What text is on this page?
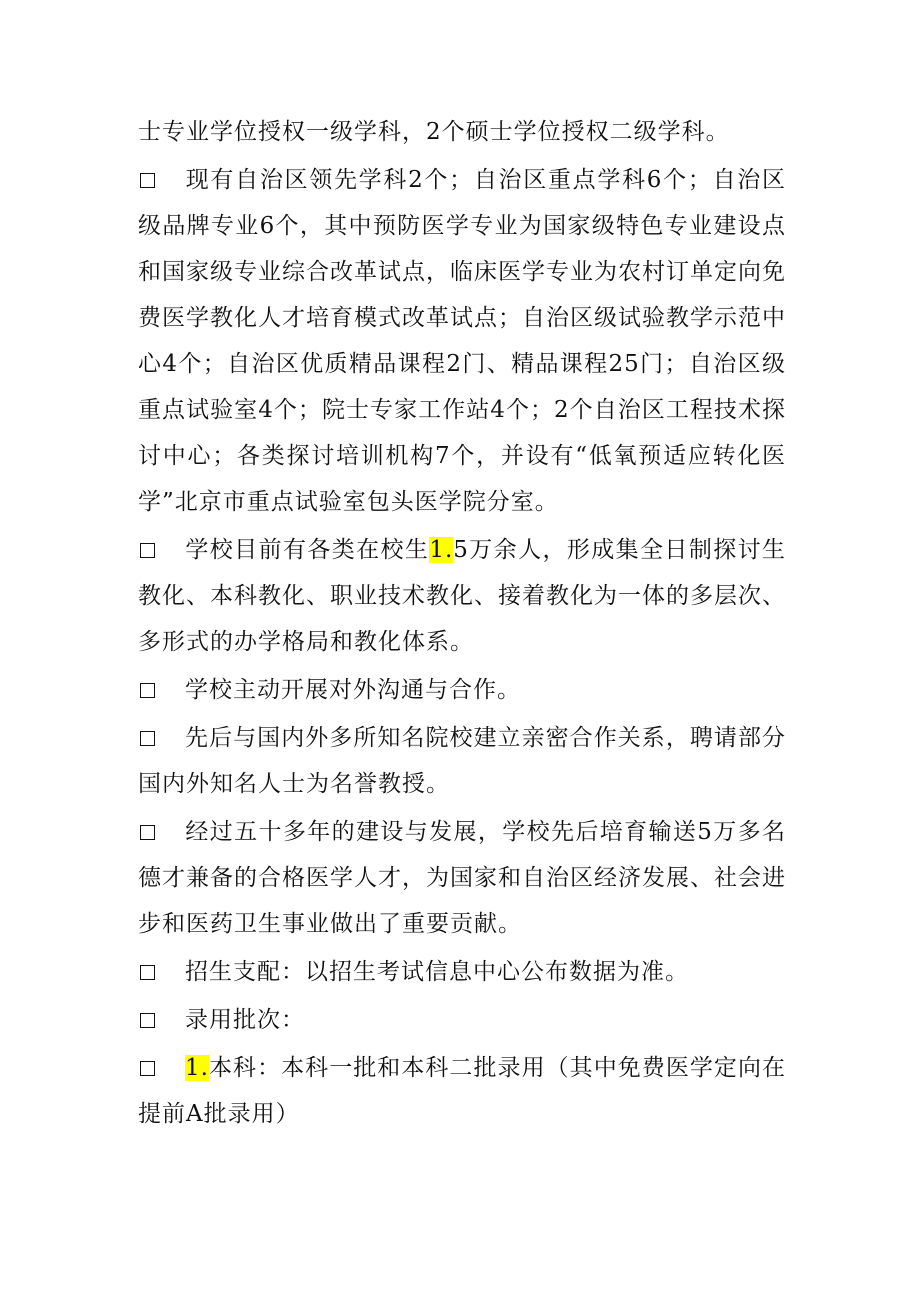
士专业学位授权一级学科，2个硕士学位授权二级学科。

现有自治区领先学科2个；自治区重点学科6个；自治区级品牌专业6个，其中预防医学专业为国家级特色专业建设点和国家级专业综合改革试点，临床医学专业为农村订单定向免费医学教化人才培育模式改革试点；自治区级试验教学示范中心4个；自治区优质精品课程2门、精品课程25门；自治区级重点试验室4个；院士专家工作站4个；2个自治区工程技术探讨中心；各类探讨培训机构7个，并设有“低氧预适应转化医学”北京市重点试验室包头医学院分室。

学校目前有各类在校生1.5万余人，形成集全日制探讨生教化、本科教化、职业技术教化、接着教化为一体的多层次、多形式的办学格局和教化体系。

学校主动开展对外沟通与合作。

先后与国内外多所知名院校建立亲密合作关系，聘请部分国内外知名人士为名誉教授。

经过五十多年的建设与发展，学校先后培育输送5万多名德才兼备的合格医学人才，为国家和自治区经济发展、社会进步和医药卫生事业做出了重要贡献。

招生支配：以招生考试信息中心公布数据为准。

录用批次：

1.本科：本科一批和本科二批录用（其中免费医学定向在提前A批录用）
